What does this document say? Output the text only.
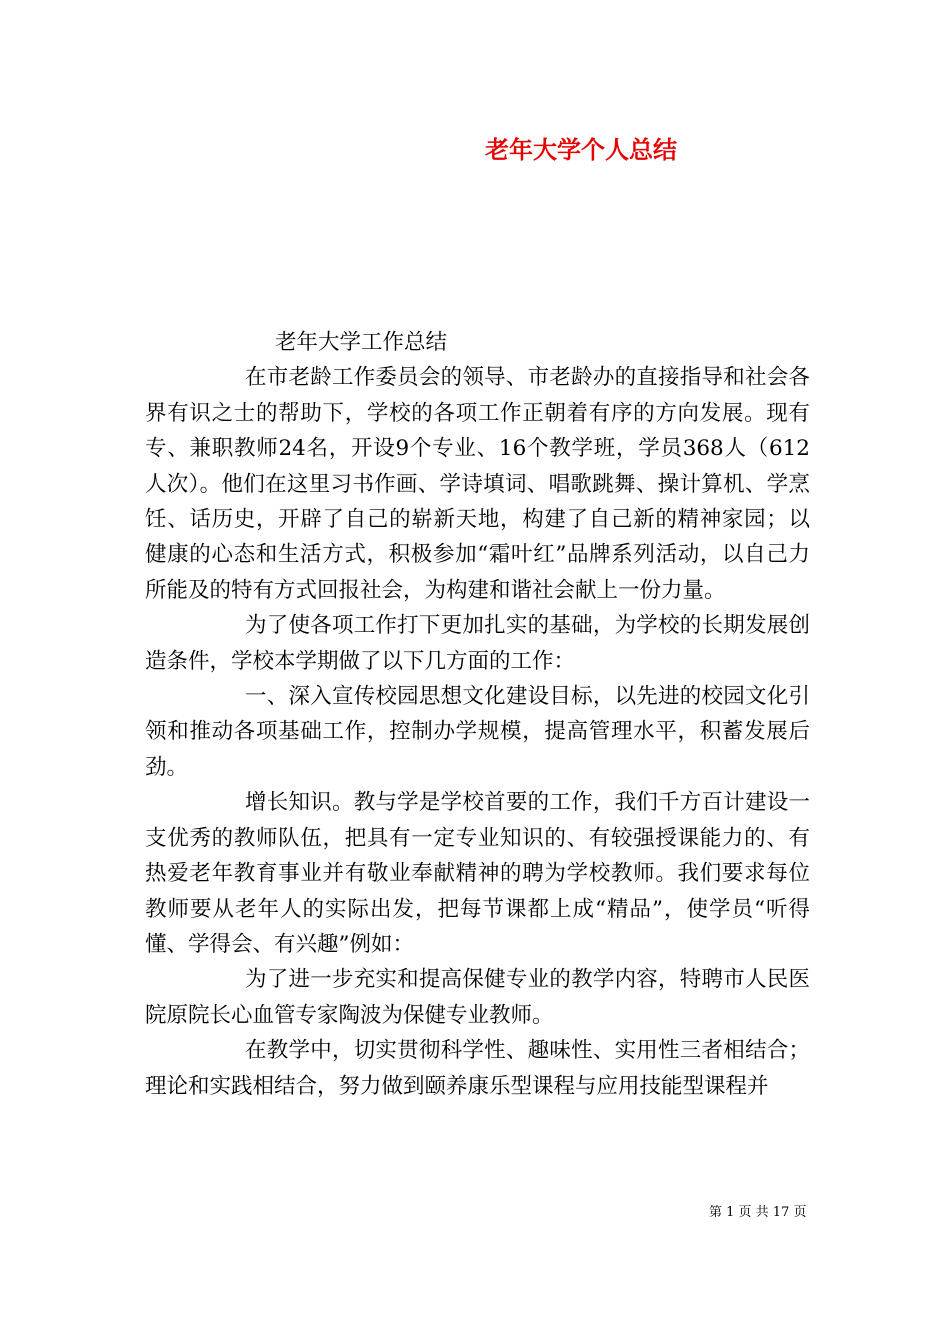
老年大学个人总结

老年大学工作总结

在市老龄工作委员会的领导、市老龄办的直接指导和社会各界有识之士的帮助下，学校的各项工作正朝着有序的方向发展。现有专、兼职教师24名，开设9个专业、16个教学班，学员368人（612人次）。他们在这里习书作画、学诗填词、唱歌跳舞、操计算机、学烹饪、话历史，开辟了自己的崭新天地，构建了自己新的精神家园；以健康的心态和生活方式，积极参加“霜叶红”品牌系列活动，以自己力所能及的特有方式回报社会，为构建和谐社会献上一份力量。

为了使各项工作打下更加扎实的基础，为学校的长期发展创造条件，学校本学期做了以下几方面的工作：

一、深入宣传校园思想文化建设目标，以先进的校园文化引领和推动各项基础工作，控制办学规模，提高管理水平，积蓄发展后劲。

增长知识。教与学是学校首要的工作，我们千方百计建设一支优秀的教师队伍，把具有一定专业知识的、有较强授课能力的、有热爱老年教育事业并有敬业奉献精神的聘为学校教师。我们要求每位教师要从老年人的实际出发，把每节课都上成“精品”，使学员“听得懂、学得会、有兴趣”例如：

为了进一步充实和提高保健专业的教学内容，特聘市人民医院原院长心血管专家陶波为保健专业教师。

在教学中，切实贯彻科学性、趣味性、实用性三者相结合；理论和实践相结合，努力做到颐养康乐型课程与应用技能型课程并

第 1 页 共 17 页
